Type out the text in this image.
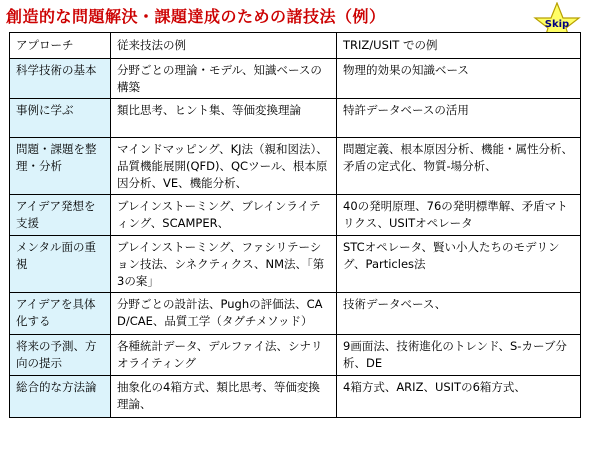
創造的な問題解決・課題達成のための諸技法（例）	Skip
アプローチ	従来技法の例	TRIZ/USIT での例
科学技術の基本	分野ごとの理論・モデル、知識ベースの構築	物理的効果の知識ベース
事例に学ぶ	類比思考、ヒント集、等価変換理論	特許データベースの活用
問題・課題を整理・分析	マインドマッピング、KJ法（親和図法）、品質機能展開(QFD)、QCツール、根本原因分析、VE、機能分析、	問題定義、根本原因分析、機能・属性分析、矛盾の定式化、物質-場分析、
アイデア発想を支援	ブレインストーミング、ブレインライティング、SCAMPER、	40の発明原理、76の発明標準解、矛盾マトリクス、USITオペレータ
メンタル面の重視	ブレインストーミング、ファシリテーション技法、シネクティクス、NM法、「第3の案」	STCオペレータ、賢い小人たちのモデリング、Particles法
アイデアを具体化する	分野ごとの設計法、Pughの評価法、CAD/CAE、品質工学（タグチメソッド）	技術データベース、
将来の予測、方向の提示	各種統計データ、デルファイ法、シナリオライティング	9画面法、技術進化のトレンド、S-カーブ分析、DE
総合的な方法論	抽象化の4箱方式、類比思考、等価変換理論、	4箱方式、ARIZ、USITの6箱方式、
